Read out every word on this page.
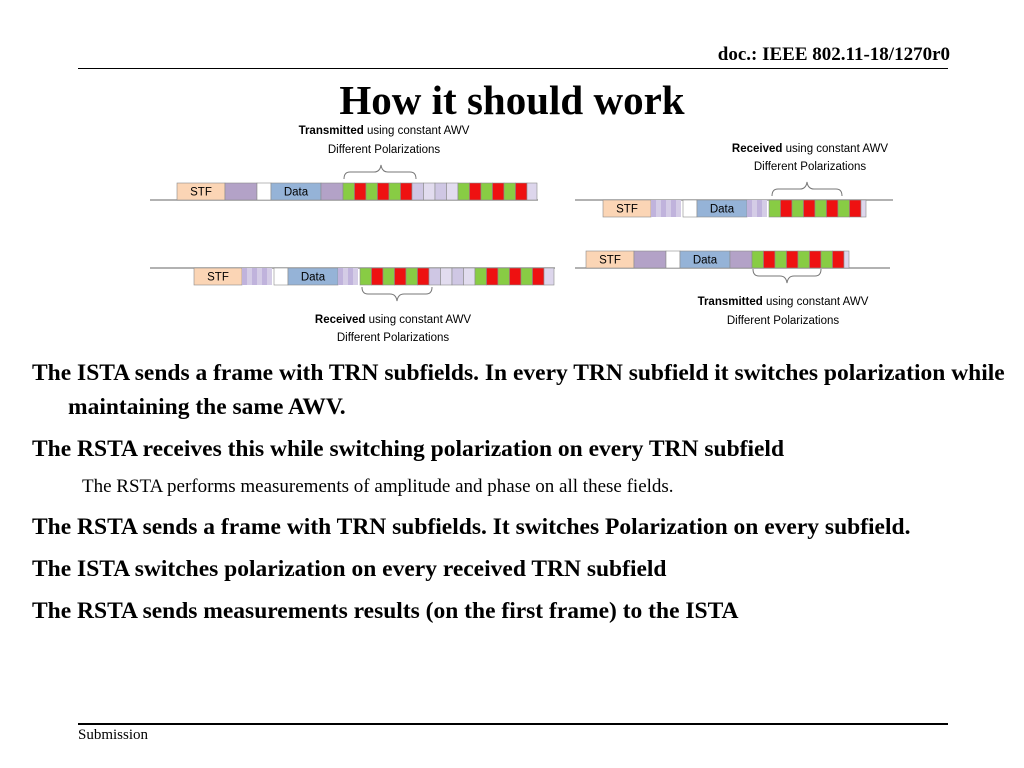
doc.: IEEE 802.11-18/1270r0
How it should work
Transmitted using constant AWV
Different Polarizations	Received using constant AWV
Different Polarizations
Received using constant AWV
Different Polarizations
Transmitted using constant AWV
Different Polarizations
STF	Data
STF	Data
STF	Data
STF	Data

The ISTA sends a frame with TRN subfields. In every TRN subfield it switches polarization while maintaining the same AWV.

The RSTA receives this while switching polarization on every TRN subfield

The RSTA performs measurements of amplitude and phase on all these fields.

The RSTA sends a frame with TRN subfields. It switches Polarization on every subfield.

The ISTA switches polarization on every received TRN subfield

The RSTA sends measurements results (on the first frame) to the ISTA

Submission
